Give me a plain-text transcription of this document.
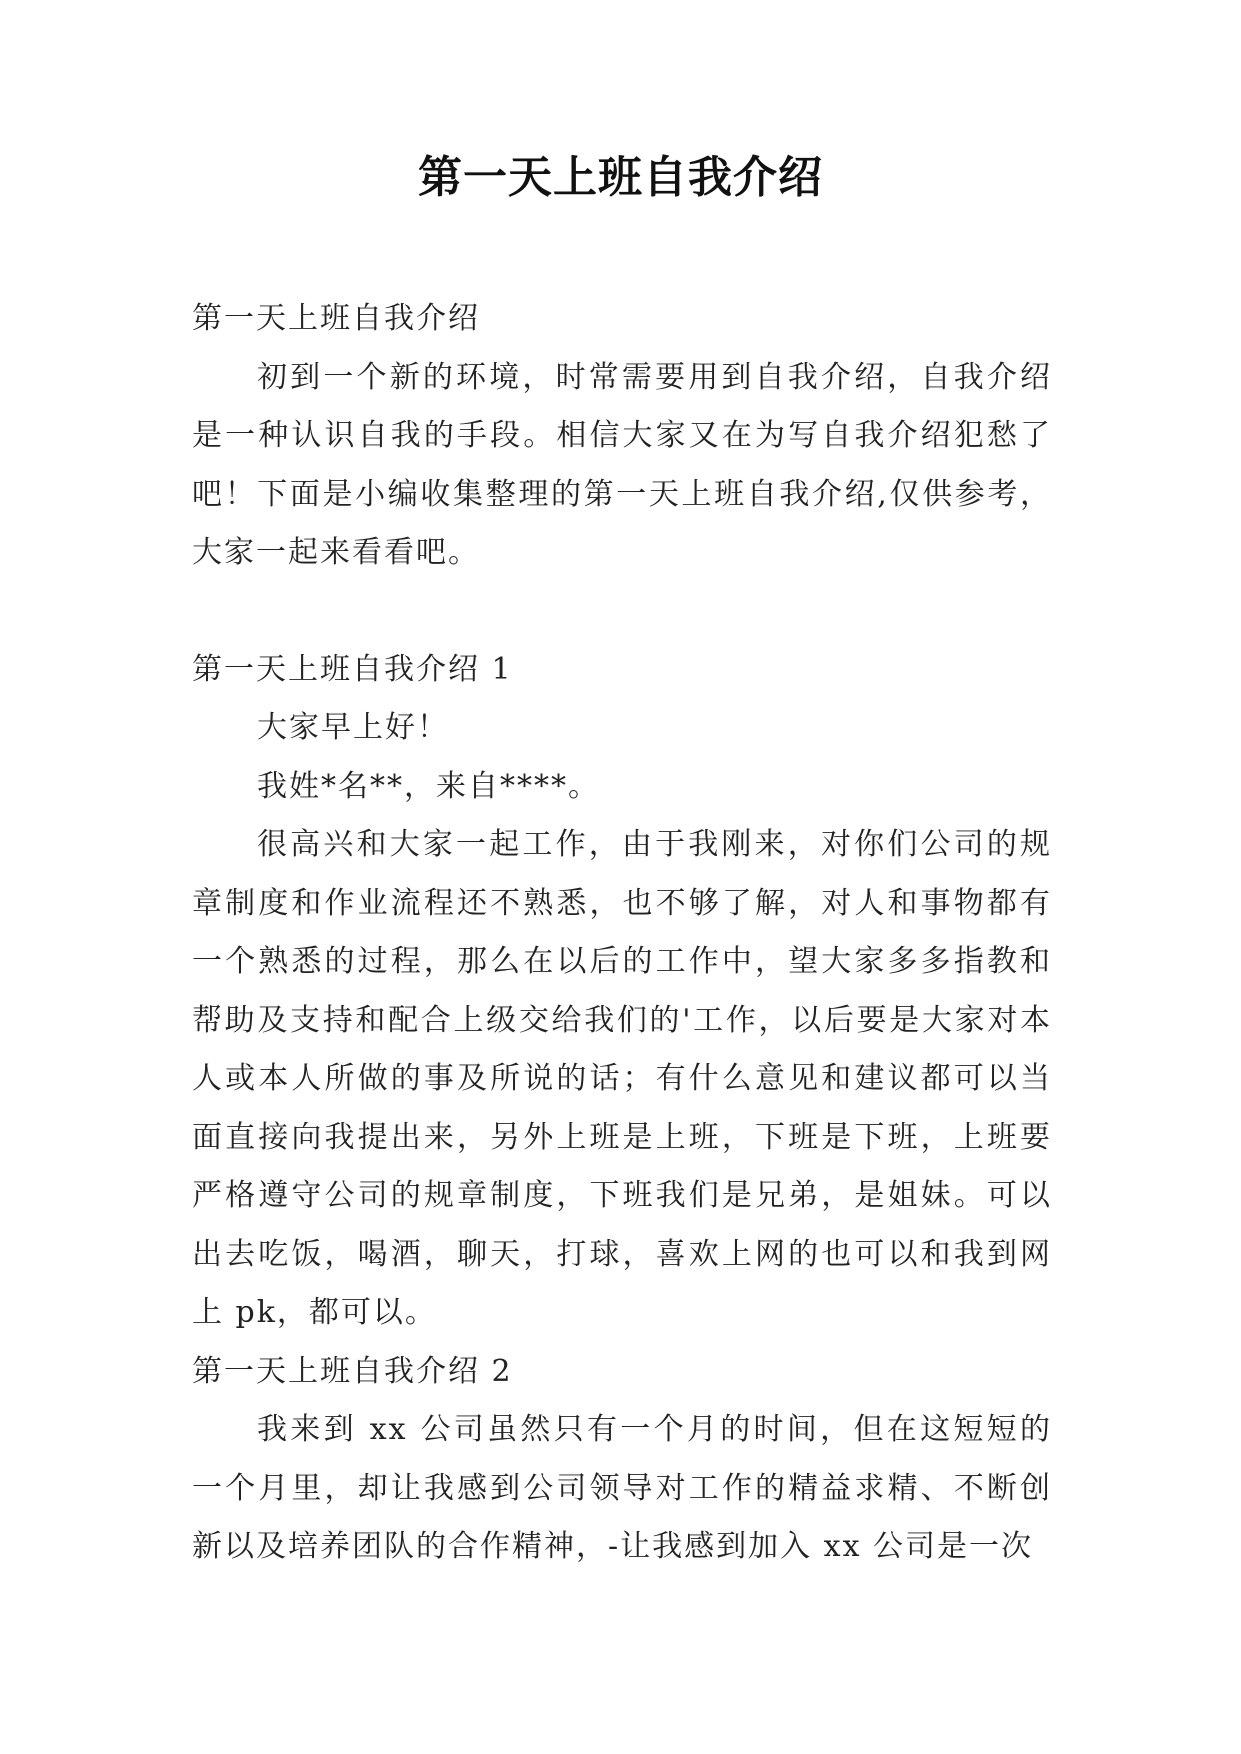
第一天上班自我介绍

第一天上班自我介绍

初到一个新的环境，时常需要用到自我介绍，自我介绍是一种认识自我的手段。相信大家又在为写自我介绍犯愁了吧！下面是小编收集整理的第一天上班自我介绍,仅供参考，大家一起来看看吧。

第一天上班自我介绍 1

大家早上好！

我姓*名**，来自****。

很高兴和大家一起工作，由于我刚来，对你们公司的规章制度和作业流程还不熟悉，也不够了解，对人和事物都有一个熟悉的过程，那么在以后的工作中，望大家多多指教和帮助及支持和配合上级交给我们的'工作，以后要是大家对本人或本人所做的事及所说的话；有什么意见和建议都可以当面直接向我提出来，另外上班是上班，下班是下班，上班要严格遵守公司的规章制度，下班我们是兄弟，是姐妹。可以出去吃饭，喝酒，聊天，打球，喜欢上网的也可以和我到网上 pk，都可以。

第一天上班自我介绍 2

我来到 xx 公司虽然只有一个月的时间，但在这短短的一个月里，却让我感到公司领导对工作的精益求精、不断创新以及培养团队的合作精神，-让我感到加入 xx 公司是一次
